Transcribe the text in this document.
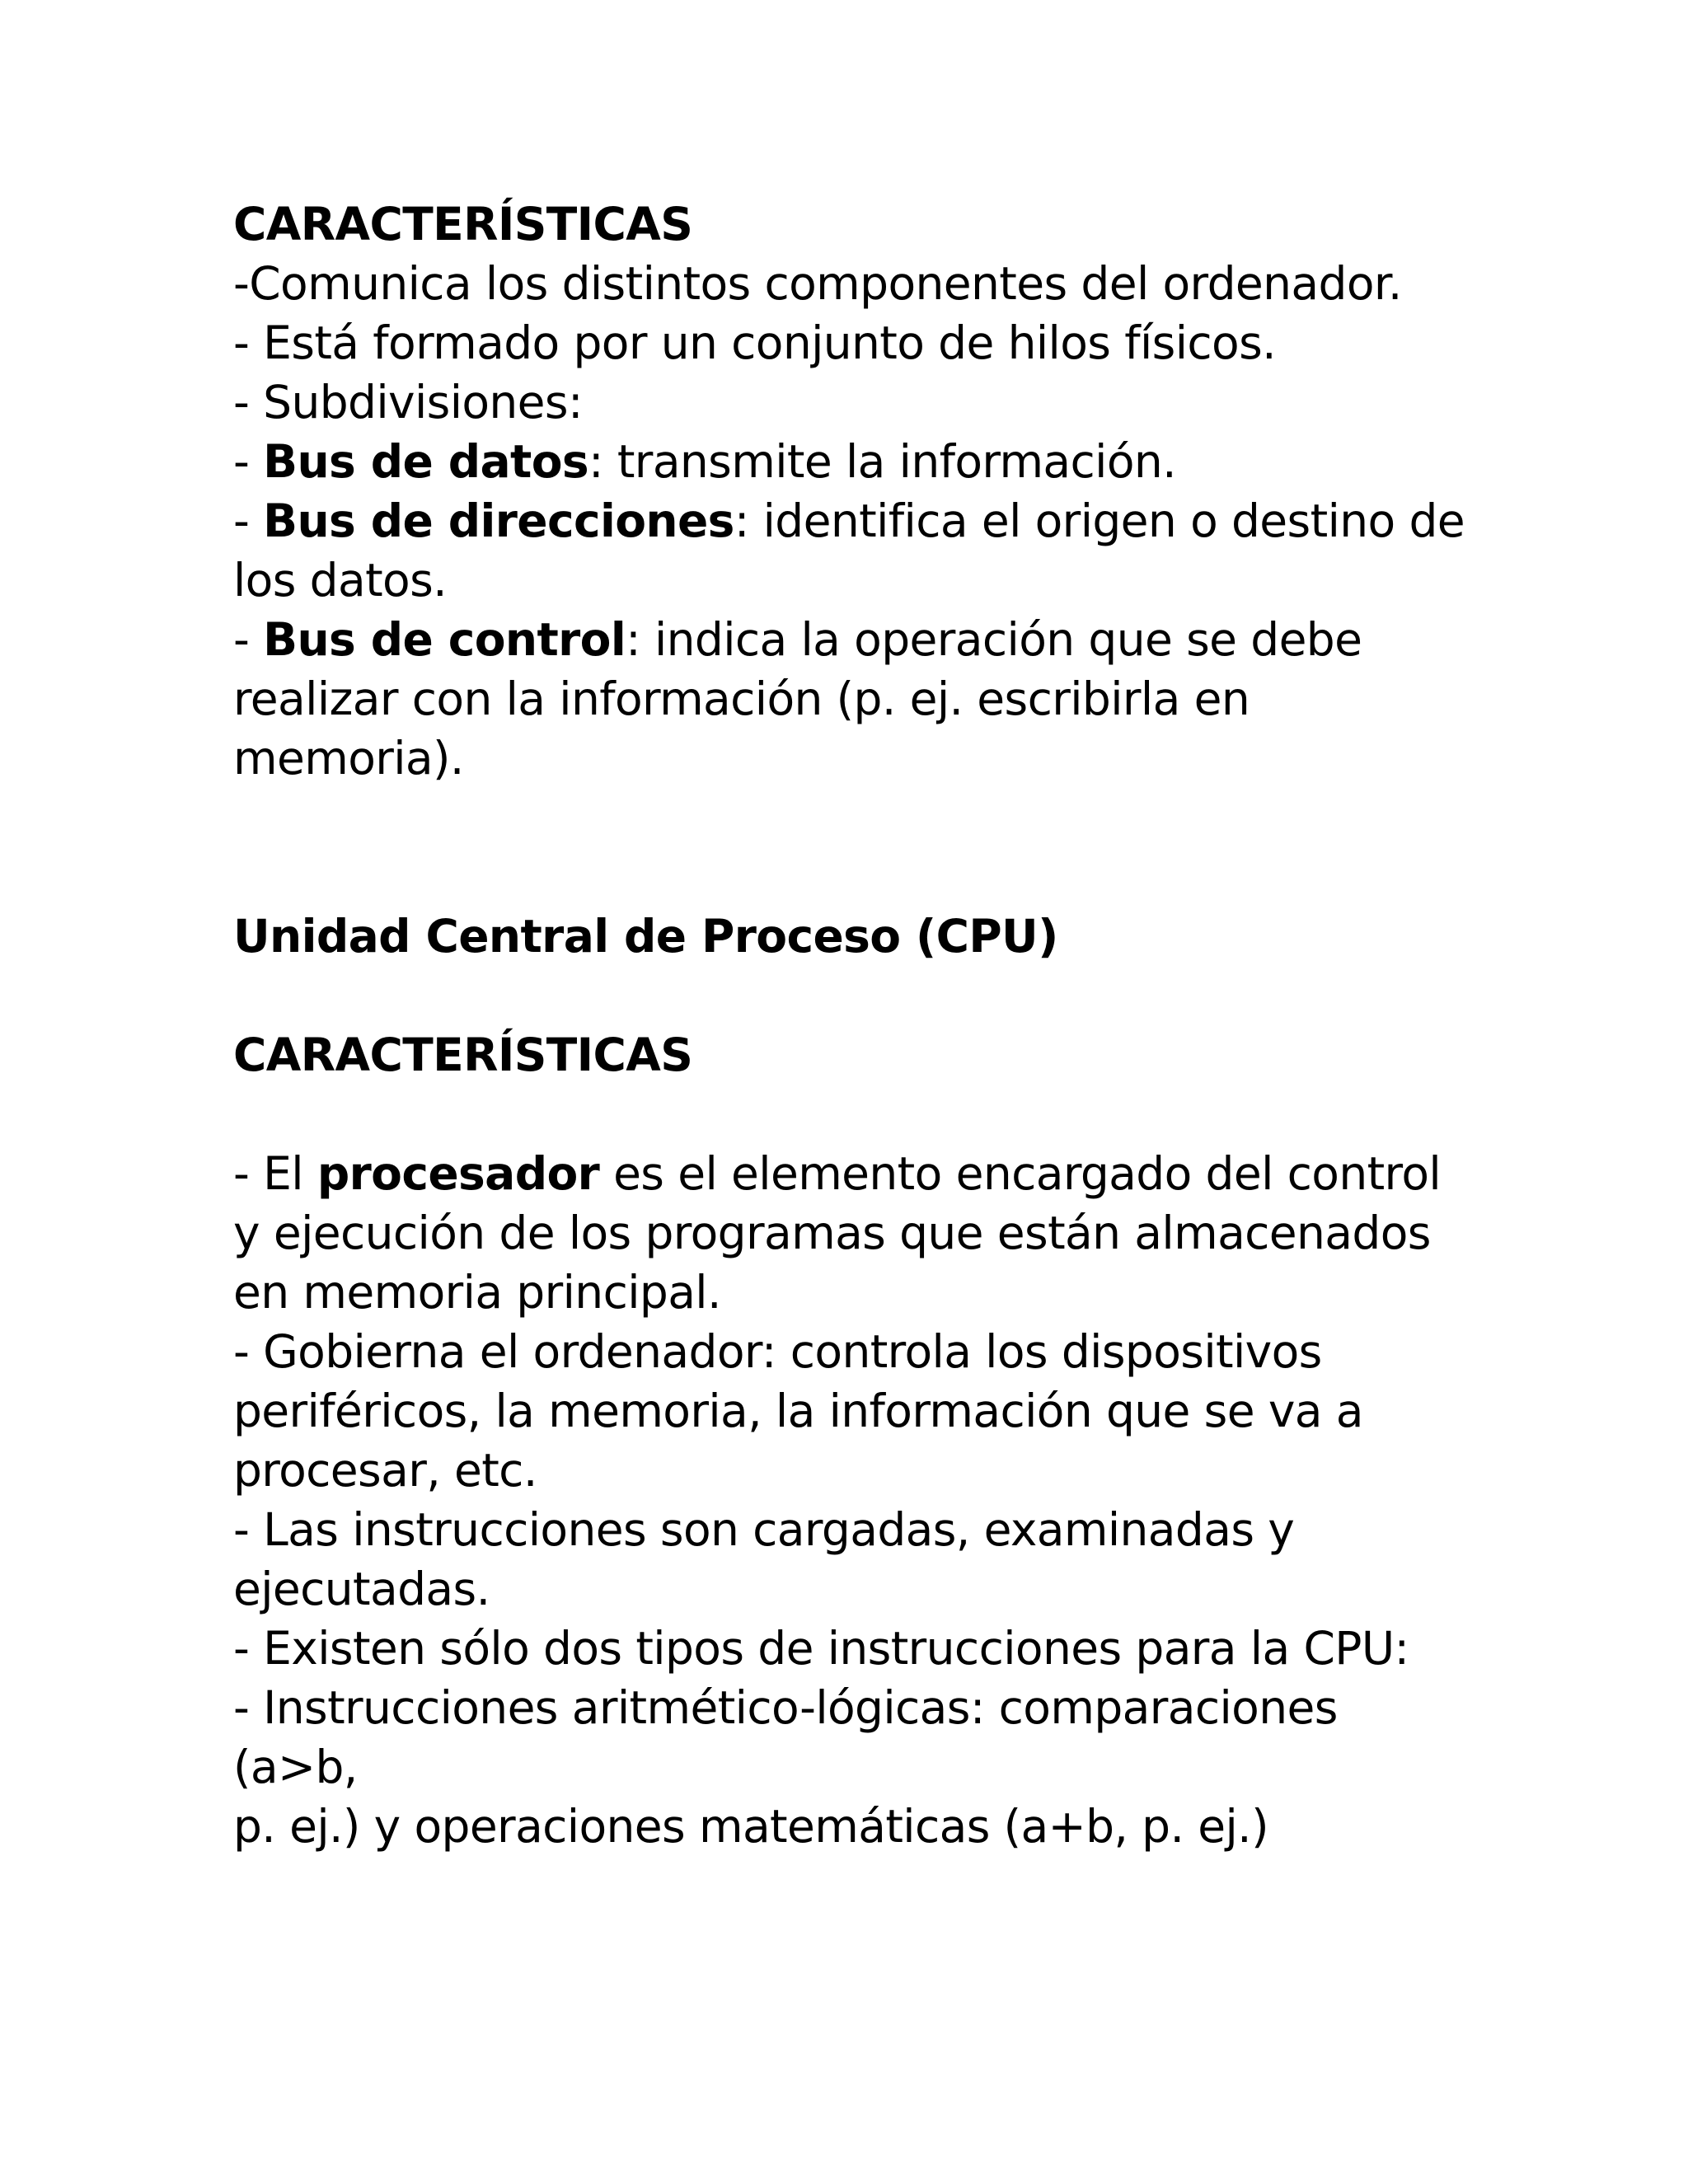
CARACTERÍSTICAS
-Comunica los distintos componentes del ordenador.
- Está formado por un conjunto de hilos físicos.
- Subdivisiones:
- Bus de datos: transmite la información.
- Bus de direcciones: identifica el origen o destino de
los datos.
- Bus de control: indica la operación que se debe
realizar con la información (p. ej. escribirla en
memoria).
Unidad Central de Proceso (CPU)
CARACTERÍSTICAS
- El procesador es el elemento encargado del control
y ejecución de los programas que están almacenados
en memoria principal.
- Gobierna el ordenador: controla los dispositivos
periféricos, la memoria, la información que se va a
procesar, etc.
- Las instrucciones son cargadas, examinadas y
ejecutadas.
- Existen sólo dos tipos de instrucciones para la CPU:
- Instrucciones aritmético-lógicas: comparaciones
(a>b,
p. ej.) y operaciones matemáticas (a+b, p. ej.)
